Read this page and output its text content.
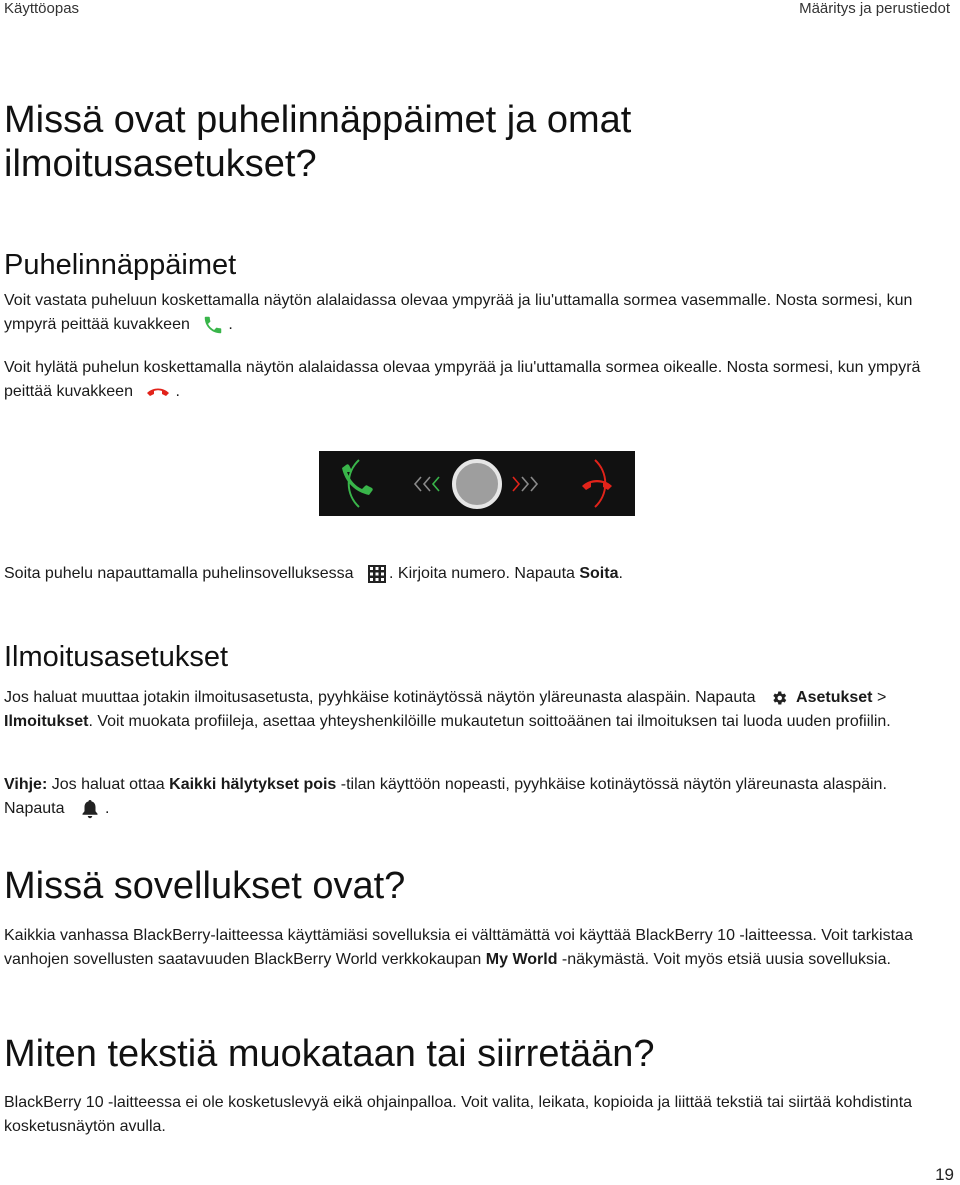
Käyttöopas	Määritys ja perustiedot
Missä ovat puhelinnäppäimet ja omat
ilmoitusasetukset?
Puhelinnäppäimet

Voit vastata puheluun koskettamalla näytön alalaidassa olevaa ympyrää ja liu'uttamalla sormea vasemmalle. Nosta sormesi, kun ympyrä peittää kuvakkeen .

Voit hylätä puhelun koskettamalla näytön alalaidassa olevaa ympyrää ja liu'uttamalla sormea oikealle. Nosta sormesi, kun ympyrä peittää kuvakkeen	.

Soita puhelu napauttamalla puhelinsovelluksessa . Kirjoita numero. Napauta Soita.

Ilmoitusasetukset

Jos haluat muuttaa jotakin ilmoitusasetusta, pyyhkäise kotinäytössä näytön yläreunasta alaspäin. Napauta	Asetukset > Ilmoitukset. Voit muokata profiileja, asettaa yhteyshenkilöille mukautetun soittoäänen tai ilmoituksen tai luoda uuden profiilin.

Vihje: Jos haluat ottaa Kaikki hälytykset pois -tilan käyttöön nopeasti, pyyhkäise kotinäytössä näytön yläreunasta alaspäin. Napauta	.

Missä sovellukset ovat?

Kaikkia vanhassa BlackBerry-laitteessa käyttämiäsi sovelluksia ei välttämättä voi käyttää BlackBerry 10 -laitteessa. Voit tarkistaa vanhojen sovellusten saatavuuden BlackBerry World verkkokaupan My World -näkymästä. Voit myös etsiä uusia sovelluksia.

Miten tekstiä muokataan tai siirretään?

BlackBerry 10 -laitteessa ei ole kosketuslevyä eikä ohjainpalloa. Voit valita, leikata, kopioida ja liittää tekstiä tai siirtää kohdistinta kosketusnäytön avulla.

19
